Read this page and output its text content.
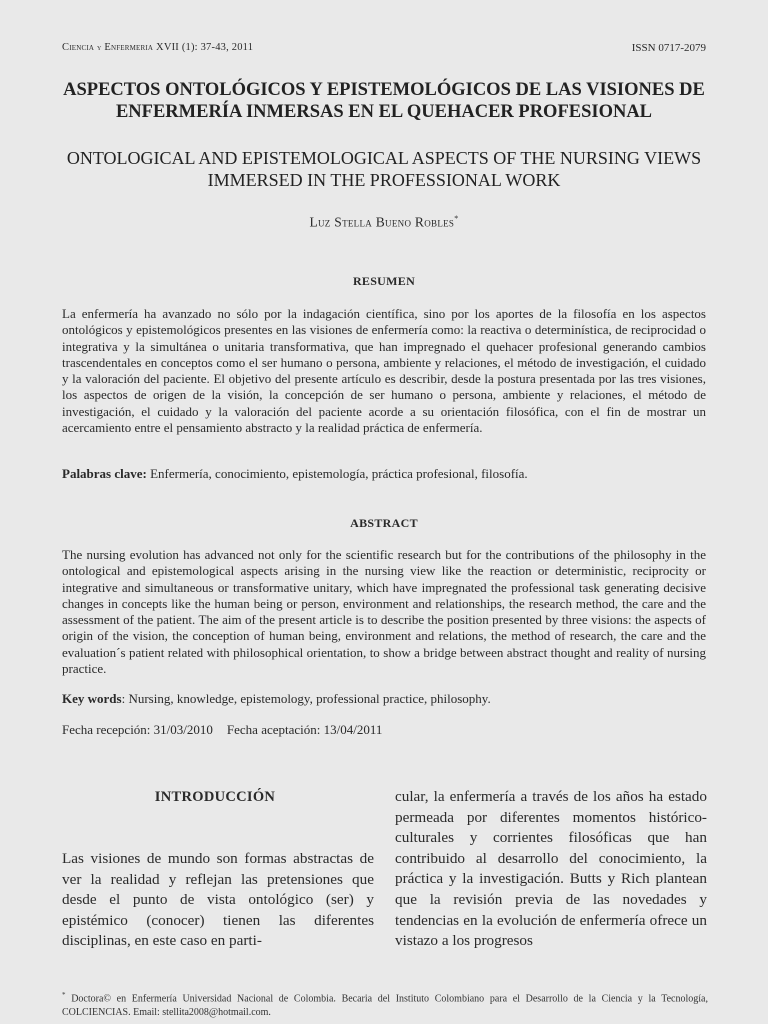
Ciencia y Enfermeria XVII (1): 37-43, 2011	ISSN 0717-2079
ASPECTOS ONTOLÓGICOS Y EPISTEMOLÓGICOS DE LAS VISIONES DE ENFERMERÍA INMERSAS EN EL QUEHACER PROFESIONAL
ONTOLOGICAL AND EPISTEMOLOGICAL ASPECTS OF THE NURSING VIEWS IMMERSED IN THE PROFESSIONAL WORK
Luz Stella Bueno Robles*
RESUMEN

La enfermería ha avanzado no sólo por la indagación científica, sino por los aportes de la filosofía en los aspectos ontológicos y epistemológicos presentes en las visiones de enfermería como: la reactiva o determinística, de reciprocidad o integrativa y la simultánea o unitaria transformativa, que han impregnado el quehacer profesional generando cambios trascendentales en conceptos como el ser humano o persona, ambiente y relaciones, el método de investigación, el cuidado y la valoración del paciente. El objetivo del presente artículo es describir, desde la postura presentada por las tres visiones, los aspectos de origen de la visión, la concepción de ser humano o persona, ambiente y relaciones, el método de investigación, el cuidado y la valoración del paciente acorde a su orientación filosófica, con el fin de mostrar un acercamiento entre el pensamiento abstracto y la realidad práctica de enfermería.

Palabras clave: Enfermería, conocimiento, epistemología, práctica profesional, filosofía.

ABSTRACT

The nursing evolution has advanced not only for the scientific research but for the contributions of the philosophy in the ontological and epistemological aspects arising in the nursing view like the reaction or deterministic, reciprocity or integrative and simultaneous or transformative unitary, which have impregnated the professional task generating decisive changes in concepts like the human being or person, environment and relationships, the research method, the care and the assessment of the patient. The aim of the present article is to describe the position presented by three visions: the aspects of origin of the vision, the conception of human being, environment and relations, the method of research, the care and the evaluation´s patient related with philosophical orientation, to show a bridge between abstract thought and reality of nursing practice.

Key words: Nursing, knowledge, epistemology, professional practice, philosophy.

Fecha recepción: 31/03/2010 Fecha aceptación: 13/04/2011
INTRODUCCIÓN

Las visiones de mundo son formas abstractas de ver la realidad y reflejan las pretensiones que desde el punto de vista ontológico (ser) y epistémico (conocer) tienen las diferentes disciplinas, en este caso en parti-

cular, la enfermería a través de los años ha estado permeada por diferentes momentos histórico-culturales y corrientes filosóficas que han contribuido al desarrollo del conocimiento, la práctica y la investigación. Butts y Rich plantean que la revisión previa de las novedades y tendencias en la evolución de enfermería ofrece un vistazo a los progresos

* Doctora© en Enfermería Universidad Nacional de Colombia. Becaria del Instituto Colombiano para el Desarrollo de la Ciencia y la Tecnología, COLCIENCIAS. Email: stellita2008@hotmail.com.
